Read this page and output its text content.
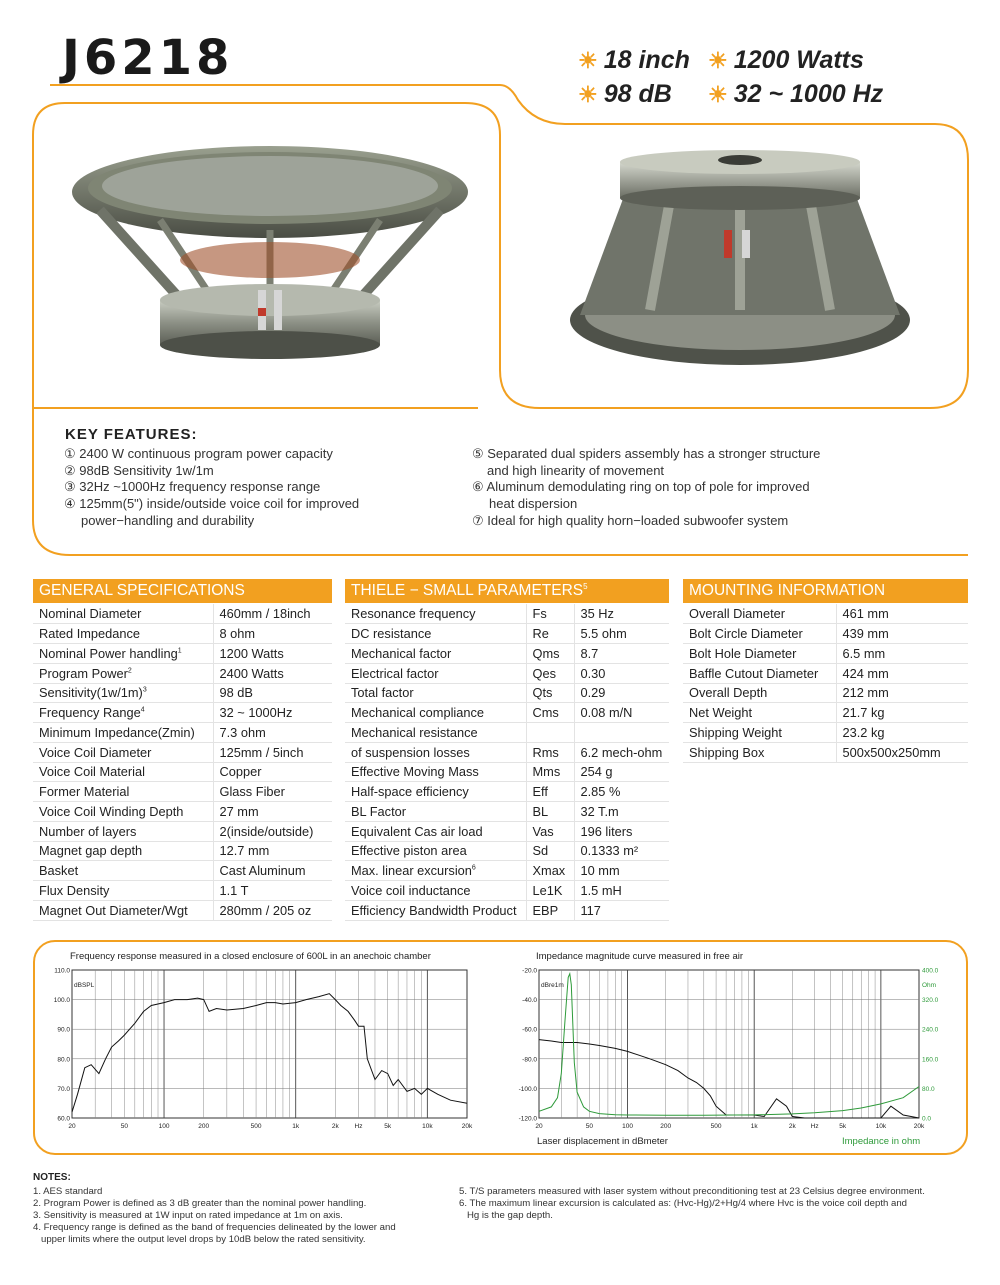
J6218	☀ 18 inch ☀ 1200 Watts
☀ 98 dB ☀ 32 ~ 1000 Hz
KEY FEATURES:
① 2400 W continuous program power capacity
② 98dB Sensitivity 1w/1m
③ 32Hz ~1000Hz frequency response range
④ 125mm(5") inside/outside voice coil for improved
power−handling and durability
⑤ Separated dual spiders assembly has a stronger structure
and high linearity of movement
⑥ Aluminum demodulating ring on top of pole for improved
heat dispersion
⑦ Ideal for high quality horn−loaded subwoofer system
GENERAL SPECIFICATIONS
Nominal Diameter	460mm / 18inch
Rated Impedance	8 ohm
Nominal Power handling$^1$	1200 Watts
Program Power$^2$	2400 Watts
$Sensitivity(1w/1m)^3$	98 dB
Frequency Range$^4$	32 ~ 1000Hz
Minimum Impedance(Zmin)	7.3 ohm
Voice Coil Diameter	125mm / 5inch
Voice Coil Material	Copper
Former Material	Glass Fiber
Voice Coil Winding Depth	27 mm
Number of layers	2(inside/outside)
Magnet gap depth	12.7 mm
Basket	Cast Aluminum
Flux Density	1.1 T
Magnet Out Diameter/Wgt	280mm / 205 oz
THIELE − SMALL PARAMETERS$^5$
Resonance frequency	Fs	35 Hz
DC resistance	Re	5.5 ohm
Mechanical factor	Qms	8.7
Electrical factor	Qes	0.30
Total factor	Qts	0.29
Mechanical compliance	Cms	0.08 m/N
Mechanical resistance		
of suspension losses	Rms	6.2 mech-ohm
Effective Moving Mass	Mms	254 g
Half-space efficiency	Eff	2.85 %
BL Factor	BL	32 T.m
Equivalent Cas air load	Vas	196 liters
Effective piston area	Sd	0.1333 m²
Max. linear excursion$^6$	Xmax	10 mm
Voice coil inductance	Le1K	1.5 mH
Efficiency Bandwidth Product	EBP	117
MOUNTING INFORMATION
Overall Diameter	461 mm
Bolt Circle Diameter	439 mm
Bolt Hole Diameter	6.5 mm
Baffle Cutout Diameter	424 mm
Overall Depth	212 mm
Net Weight	21.7 kg
Shipping Weight	23.2 kg
Shipping Box	500x500x250mm
Frequency response measured in a closed enclosure of 600L in an anechoic chamber	Impedance magnitude curve measured in free air
110.0
100.0
90.0
80.0
70.0
60.0
20	50	100	200	500	1k	2k Hz	5k	10k	20k
dBSPL
-20.0
-40.0
-60.0
-80.0
-100.0
-120.0
400.0
320.0
240.0
160.0
80.0
0.0
20	50	100	200	500	1k	2k Hz	5k	10k	20k
dBre1m	Ohm
Laser displacement in dBmeter	Impedance in ohm
NOTES:
1. AES standard
2. Program Power is defined as 3 dB greater than the nominal power handling.
3. Sensitivity is measured at 1W input on rated impedance at 1m on axis.
4. Frequency range is defined as the band of frequencies delineated by the lower and
upper limits where the output level drops by 10dB below the rated sensitivity.
5. T/S parameters measured with laser system without preconditioning test at 23 Celsius degree environment.
6. The maximum linear excursion is calculated as: (Hvc-Hg)/2+Hg/4 where Hvc is the voice coil depth and
Hg is the gap depth.
